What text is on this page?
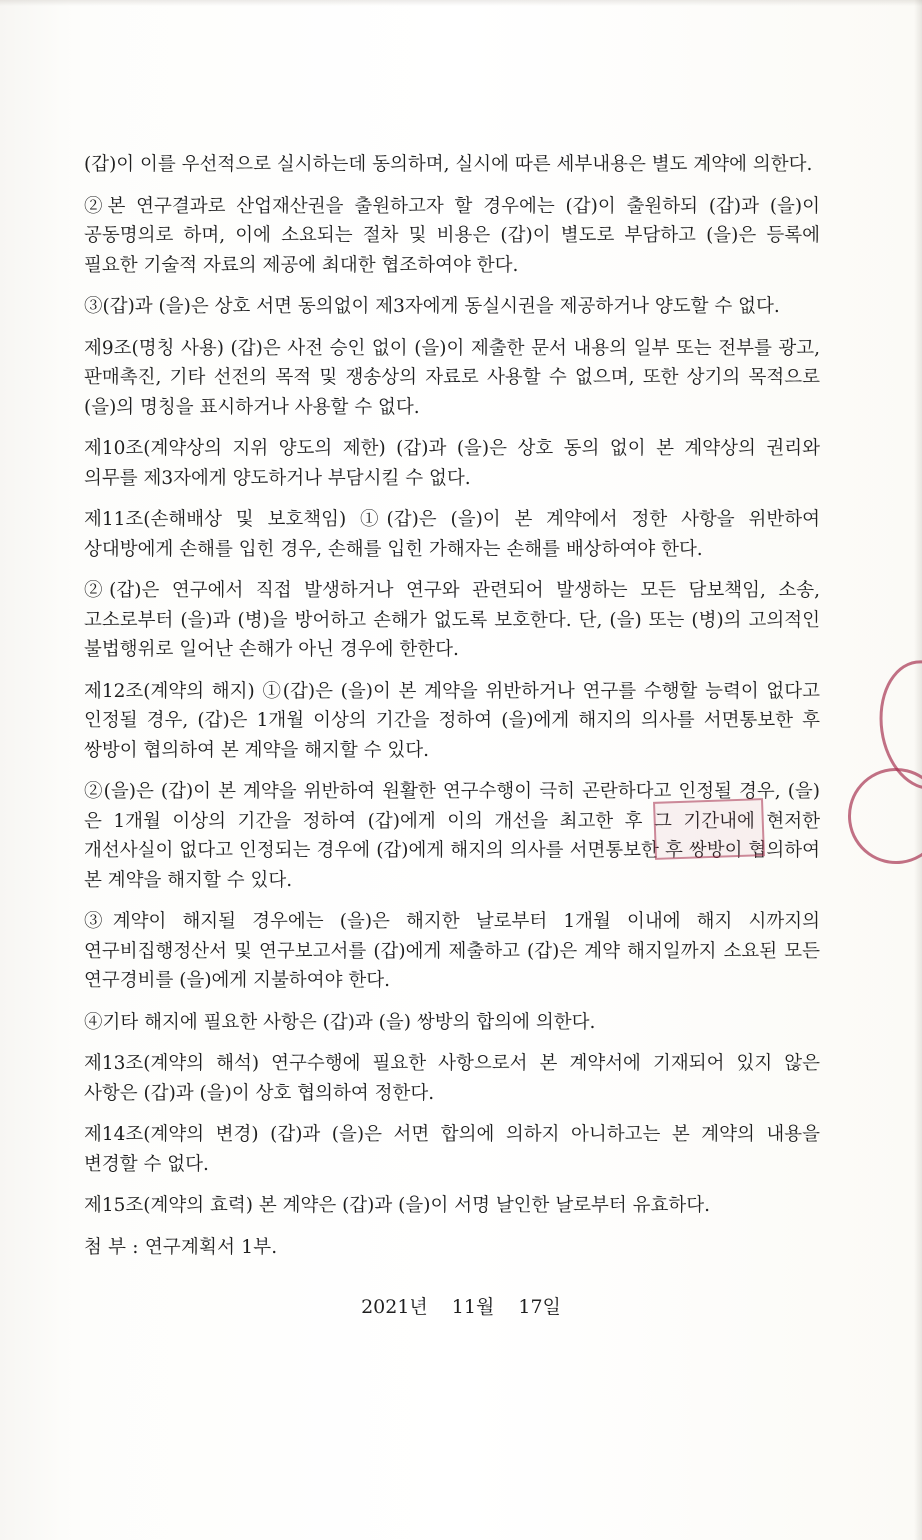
(갑)이 이를 우선적으로 실시하는데 동의하며, 실시에 따른 세부내용은 별도 계약에 의한다.

②본 연구결과로 산업재산권을 출원하고자 할 경우에는 (갑)이 출원하되 (갑)과 (을)이 공동명의로 하며, 이에 소요되는 절차 및 비용은 (갑)이 별도로 부담하고 (을)은 등록에 필요한 기술적 자료의 제공에 최대한 협조하여야 한다.

③(갑)과 (을)은 상호 서면 동의없이 제3자에게 동실시권을 제공하거나 양도할 수 없다.

제9조(명칭 사용) (갑)은 사전 승인 없이 (을)이 제출한 문서 내용의 일부 또는 전부를 광고, 판매촉진, 기타 선전의 목적 및 쟁송상의 자료로 사용할 수 없으며, 또한 상기의 목적으로 (을)의 명칭을 표시하거나 사용할 수 없다.

제10조(계약상의 지위 양도의 제한) (갑)과 (을)은 상호 동의 없이 본 계약상의 권리와 의무를 제3자에게 양도하거나 부담시킬 수 없다.

제11조(손해배상 및 보호책임) ①(갑)은 (을)이 본 계약에서 정한 사항을 위반하여 상대방에게 손해를 입힌 경우, 손해를 입힌 가해자는 손해를 배상하여야 한다.

②(갑)은 연구에서 직접 발생하거나 연구와 관련되어 발생하는 모든 담보책임, 소송, 고소로부터 (을)과 (병)을 방어하고 손해가 없도록 보호한다. 단, (을) 또는 (병)의 고의적인 불법행위로 일어난 손해가 아닌 경우에 한한다.

제12조(계약의 해지) ①(갑)은 (을)이 본 계약을 위반하거나 연구를 수행할 능력이 없다고 인정될 경우, (갑)은 1개월 이상의 기간을 정하여 (을)에게 해지의 의사를 서면통보한 후 쌍방이 협의하여 본 계약을 해지할 수 있다.

②(을)은 (갑)이 본 계약을 위반하여 원활한 연구수행이 극히 곤란하다고 인정될 경우, (을)은 1개월 이상의 기간을 정하여 (갑)에게 이의 개선을 최고한 후 그 기간내에 현저한 개선사실이 없다고 인정되는 경우에 (갑)에게 해지의 의사를 서면통보한 후 쌍방이 협의하여 본 계약을 해지할 수 있다.

③계약이 해지될 경우에는 (을)은 해지한 날로부터 1개월 이내에 해지 시까지의 연구비집행정산서 및 연구보고서를 (갑)에게 제출하고 (갑)은 계약 해지일까지 소요된 모든 연구경비를 (을)에게 지불하여야 한다.

④기타 해지에 필요한 사항은 (갑)과 (을) 쌍방의 합의에 의한다.

제13조(계약의 해석) 연구수행에 필요한 사항으로서 본 계약서에 기재되어 있지 않은 사항은 (갑)과 (을)이 상호 협의하여 정한다.

제14조(계약의 변경) (갑)과 (을)은 서면 합의에 의하지 아니하고는 본 계약의 내용을 변경할 수 없다.

제15조(계약의 효력) 본 계약은 (갑)과 (을)이 서명 날인한 날로부터 유효하다.

첨 부 : 연구계획서 1부.

2021년 11월 17일
